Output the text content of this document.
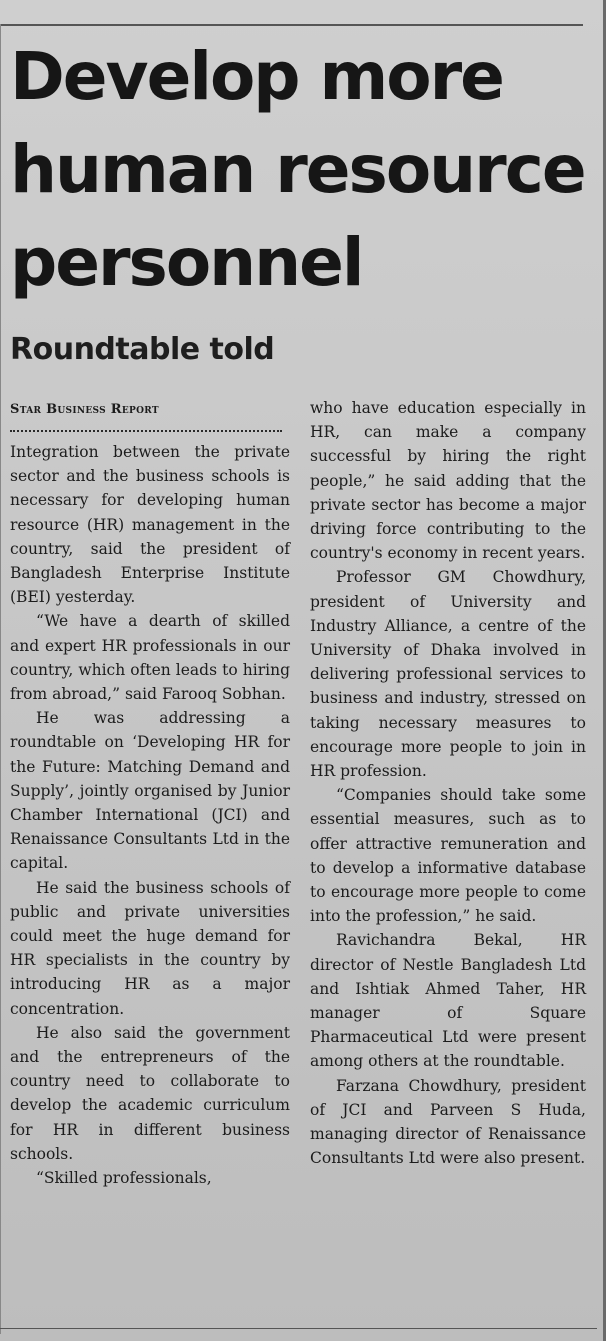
Develop more human resource personnel
Roundtable told
Star Business Report

Integration between the private sector and the business schools is necessary for developing human resource (HR) management in the country, said the president of Bangladesh Enterprise Institute (BEI) yesterday.

“We have a dearth of skilled and expert HR professionals in our country, which often leads to hiring from abroad,” said Farooq Sobhan.

He was addressing a roundtable on ‘Developing HR for the Future: Matching Demand and Supply’, jointly organised by Junior Chamber International (JCI) and Renaissance Consultants Ltd in the capital.

He said the business schools of public and private universities could meet the huge demand for HR specialists in the country by introducing HR as a major concentration.

He also said the government and the entrepreneurs of the country need to collaborate to develop the academic curriculum for HR in different business schools.

“Skilled professionals,

who have education especially in HR, can make a company successful by hiring the right people,” he said adding that the private sector has become a major driving force contributing to the country's economy in recent years.

Professor GM Chowdhury, president of University and Industry Alliance, a centre of the University of Dhaka involved in delivering professional services to business and industry, stressed on taking necessary measures to encourage more people to join in HR profession.

“Companies should take some essential measures, such as to offer attractive remuneration and to develop a informative database to encourage more people to come into the profession,” he said.

Ravichandra Bekal, HR director of Nestle Bangladesh Ltd and Ishtiak Ahmed Taher, HR manager of Square Pharmaceutical Ltd were present among others at the roundtable.

Farzana Chowdhury, president of JCI and Parveen S Huda, managing director of Renaissance Consultants Ltd were also present.
